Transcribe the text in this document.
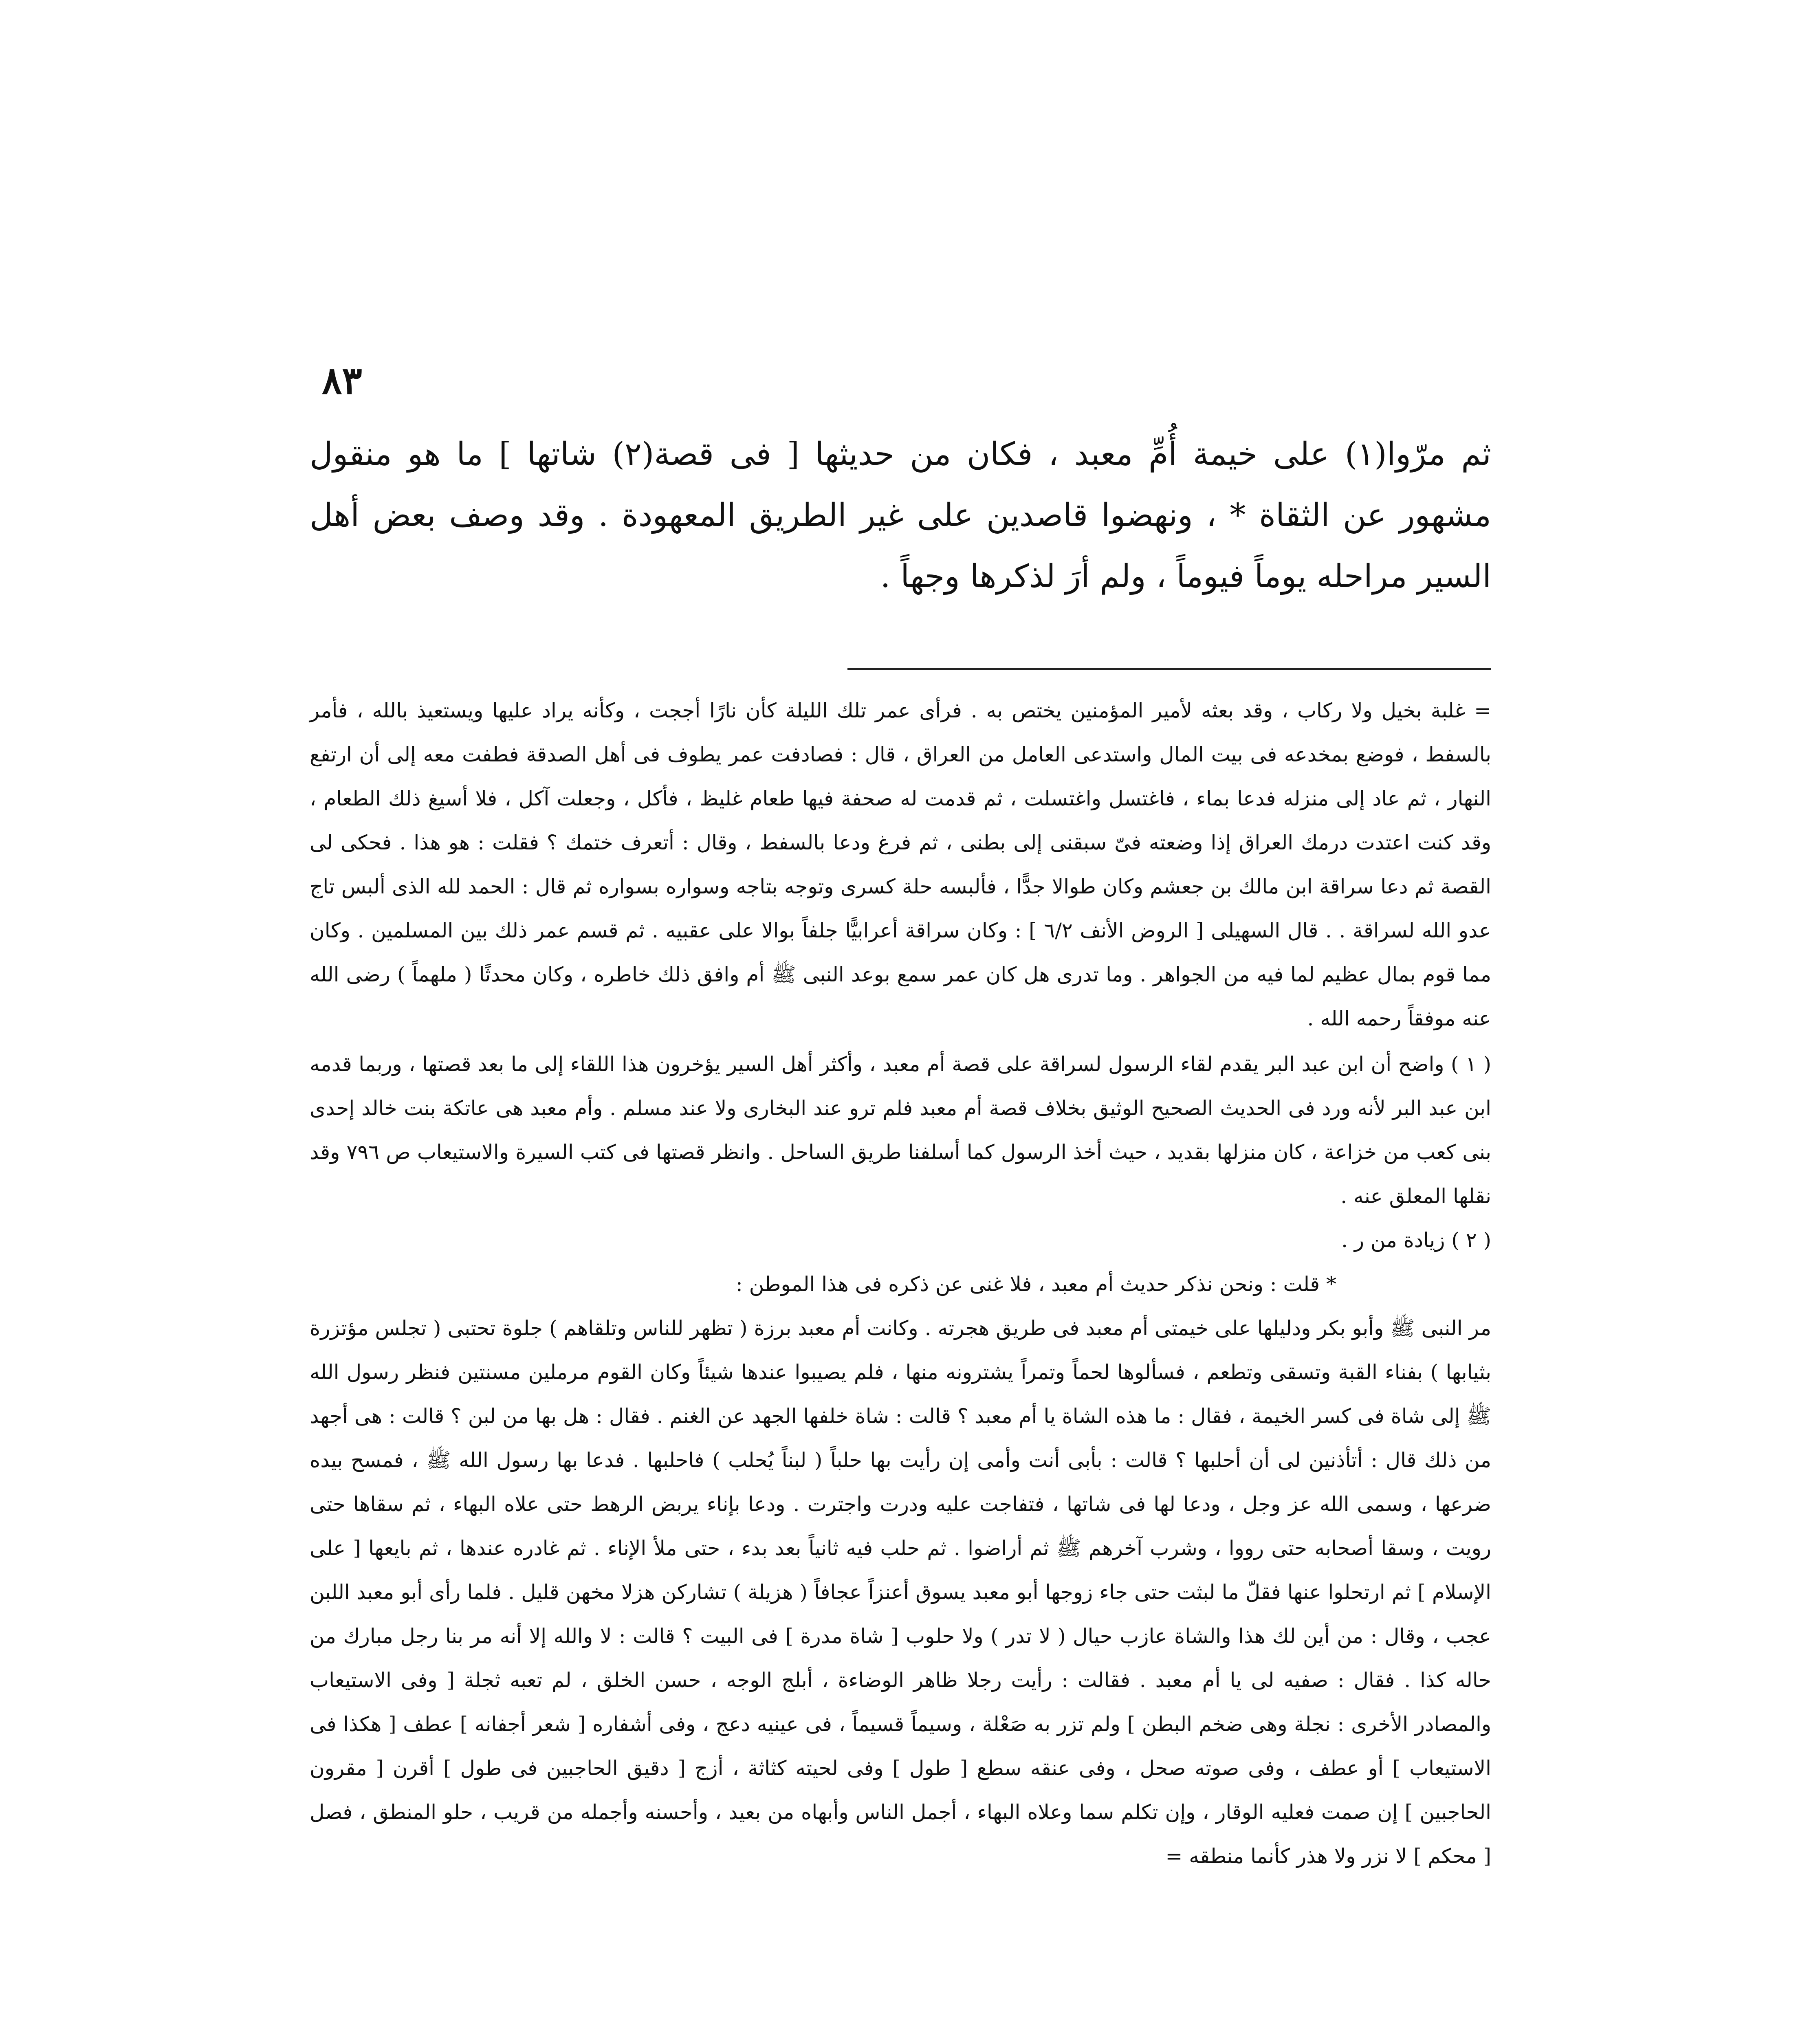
٨٣

ثم مرّوا(١) على خيمة أُمِّ معبد ، فكان من حديثها [ فى قصة(٢) شاتها ] ما هو منقول مشهور عن الثقاة * ، ونهضوا قاصدين على غير الطريق المعهودة . وقد وصف بعض أهل السير مراحله يوماً فيوماً ، ولم أرَ لذكرها وجهاً .

= غلبة بخيل ولا ركاب ، وقد بعثه لأمير المؤمنين يختص به . فرأى عمر تلك الليلة كأن نارًا أججت ، وكأنه يراد عليها ويستعيذ بالله ، فأمر بالسفط ، فوضع بمخدعه فى بيت المال واستدعى العامل من العراق ، قال : فصادفت عمر يطوف فى أهل الصدقة فطفت معه إلى أن ارتفع النهار ، ثم عاد إلى منزله فدعا بماء ، فاغتسل واغتسلت ، ثم قدمت له صحفة فيها طعام غليظ ، فأكل ، وجعلت آكل ، فلا أسيغ ذلك الطعام ، وقد كنت اعتدت درمك العراق إذا وضعته فىّ سبقنى إلى بطنى ، ثم فرغ ودعا بالسفط ، وقال : أتعرف ختمك ؟ فقلت : هو هذا . فحكى لى القصة ثم دعا سراقة ابن مالك بن جعشم وكان طوالا جدًّا ، فألبسه حلة كسرى وتوجه بتاجه وسواره بسواره ثم قال : الحمد لله الذى ألبس تاج عدو الله لسراقة . . قال السهيلى [ الروض الأنف ٦/٢ ] : وكان سراقة أعرابيًّا جلفاً بوالا على عقبيه . ثم قسم عمر ذلك بين المسلمين . وكان مما قوم بمال عظيم لما فيه من الجواهر . وما تدرى هل كان عمر سمع بوعد النبى ﷺ أم وافق ذلك خاطره ، وكان محدثًا ( ملهماً ) رضى الله عنه موفقاً رحمه الله .

( ١ ) واضح أن ابن عبد البر يقدم لقاء الرسول لسراقة على قصة أم معبد ، وأكثر أهل السير يؤخرون هذا اللقاء إلى ما بعد قصتها ، وربما قدمه ابن عبد البر لأنه ورد فى الحديث الصحيح الوثيق بخلاف قصة أم معبد فلم ترو عند البخارى ولا عند مسلم . وأم معبد هى عاتكة بنت خالد إحدى بنى كعب من خزاعة ، كان منزلها بقديد ، حيث أخذ الرسول كما أسلفنا طريق الساحل . وانظر قصتها فى كتب السيرة والاستيعاب ص ٧٩٦ وقد نقلها المعلق عنه .

( ٢ ) زيادة من ر .

* قلت : ونحن نذكر حديث أم معبد ، فلا غنى عن ذكره فى هذا الموطن :

مر النبى ﷺ وأبو بكر ودليلها على خيمتى أم معبد فى طريق هجرته . وكانت أم معبد برزة ( تظهر للناس وتلقاهم ) جلوة تحتبى ( تجلس مؤتزرة بثيابها ) بفناء القبة وتسقى وتطعم ، فسألوها لحماً وتمراً يشترونه منها ، فلم يصيبوا عندها شيئاً وكان القوم مرملين مسنتين فنظر رسول الله ﷺ إلى شاة فى كسر الخيمة ، فقال : ما هذه الشاة يا أم معبد ؟ قالت : شاة خلفها الجهد عن الغنم . فقال : هل بها من لبن ؟ قالت : هى أجهد من ذلك قال : أتأذنين لى أن أحلبها ؟ قالت : بأبى أنت وأمى إن رأيت بها حلباً ( لبناً يُحلب ) فاحلبها . فدعا بها رسول الله ﷺ ، فمسح بيده ضرعها ، وسمى الله عز وجل ، ودعا لها فى شاتها ، فتفاجت عليه ودرت واجترت . ودعا بإناء يربض الرهط حتى علاه البهاء ، ثم سقاها حتى رويت ، وسقا أصحابه حتى رووا ، وشرب آخرهم ﷺ ثم أراضوا . ثم حلب فيه ثانياً بعد بدء ، حتى ملأ الإناء . ثم غادره عندها ، ثم بايعها [ على الإسلام ] ثم ارتحلوا عنها فقلّ ما لبثت حتى جاء زوجها أبو معبد يسوق أعنزاً عجافاً ( هزيلة ) تشاركن هزلا مخهن قليل . فلما رأى أبو معبد اللبن عجب ، وقال : من أين لك هذا والشاة عازب حيال ( لا تدر ) ولا حلوب [ شاة مدرة ] فى البيت ؟ قالت : لا والله إلا أنه مر بنا رجل مبارك من حاله كذا . فقال : صفيه لى يا أم معبد . فقالت : رأيت رجلا ظاهر الوضاءة ، أبلج الوجه ، حسن الخلق ، لم تعبه ثجلة [ وفى الاستيعاب والمصادر الأخرى : نجلة وهى ضخم البطن ] ولم تزر به صَعْلة ، وسيماً قسيماً ، فى عينيه دعج ، وفى أشفاره [ شعر أجفانه ] عطف [ هكذا فى الاستيعاب ] أو عطف ، وفى صوته صحل ، وفى عنقه سطع [ طول ] وفى لحيته كثاثة ، أزج [ دقيق الحاجبين فى طول ] أقرن [ مقرون الحاجبين ] إن صمت فعليه الوقار ، وإن تكلم سما وعلاه البهاء ، أجمل الناس وأبهاه من بعيد ، وأحسنه وأجمله من قريب ، حلو المنطق ، فصل [ محكم ] لا نزر ولا هذر كأنما منطقه =
